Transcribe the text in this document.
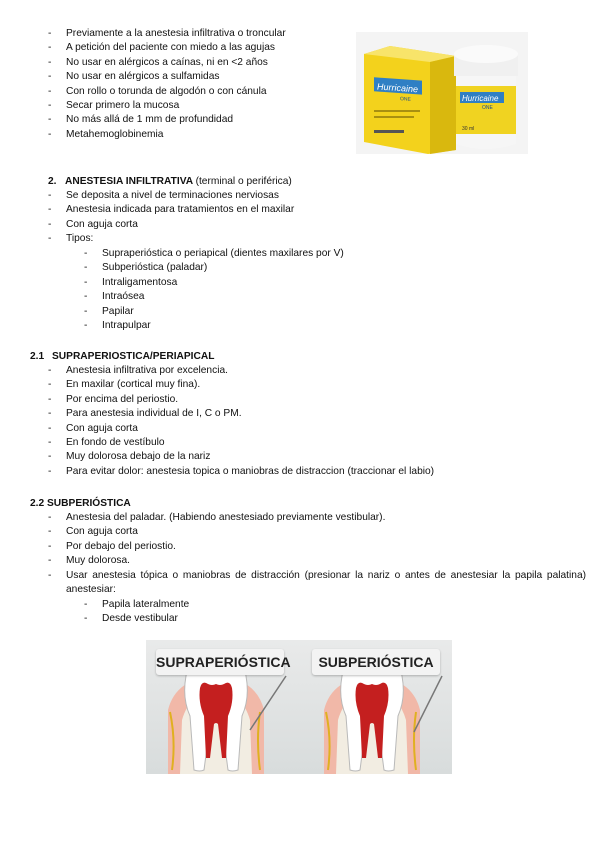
- Previamente a la anestesia infiltrativa o troncular
- A petición del paciente con miedo a las agujas
- No usar en alérgicos a caínas, ni en <2 años
- No usar en alérgicos a sulfamidas
- Con rollo o torunda de algodón o con cánula
- Secar primero la mucosa
- No más allá de 1 mm de profundidad
- Metahemoglobinemia
Hurricaine
ONE	Hurricaine
ONE
30 ml
2. ANESTESIA INFILTRATIVA (terminal o periférica)
- Se deposita a nivel de terminaciones nerviosas
- Anestesia indicada para tratamientos en el maxilar
- Con aguja corta
- Tipos:
- Supraperióstica o periapical (dientes maxilares por V)
- Subperióstica (paladar)
- Intraligamentosa
- Intraósea
- Papilar
- Intrapulpar
2.1 SUPRAPERIOSTICA/PERIAPICAL
- Anestesia infiltrativa por excelencia.
- En maxilar (cortical muy fina).
- Por encima del periostio.
- Para anestesia individual de I, C o PM.
- Con aguja corta
- En fondo de vestíbulo
- Muy dolorosa debajo de la nariz
- Para evitar dolor: anestesia topica o maniobras de distraccion (traccionar el labio)
2.2 SUBPERIÓSTICA
- Anestesia del paladar. (Habiendo anestesiado previamente vestibular).
- Con aguja corta
- Por debajo del periostio.
- Muy dolorosa.
- Usar anestesia tópica o maniobras de distracción (presionar la nariz o antes de anestesiar la papila palatina) anestesiar:
- Papila lateralmente
- Desde vestibular
SUPRAPERIÓSTICA	SUBPERIÓSTICA
